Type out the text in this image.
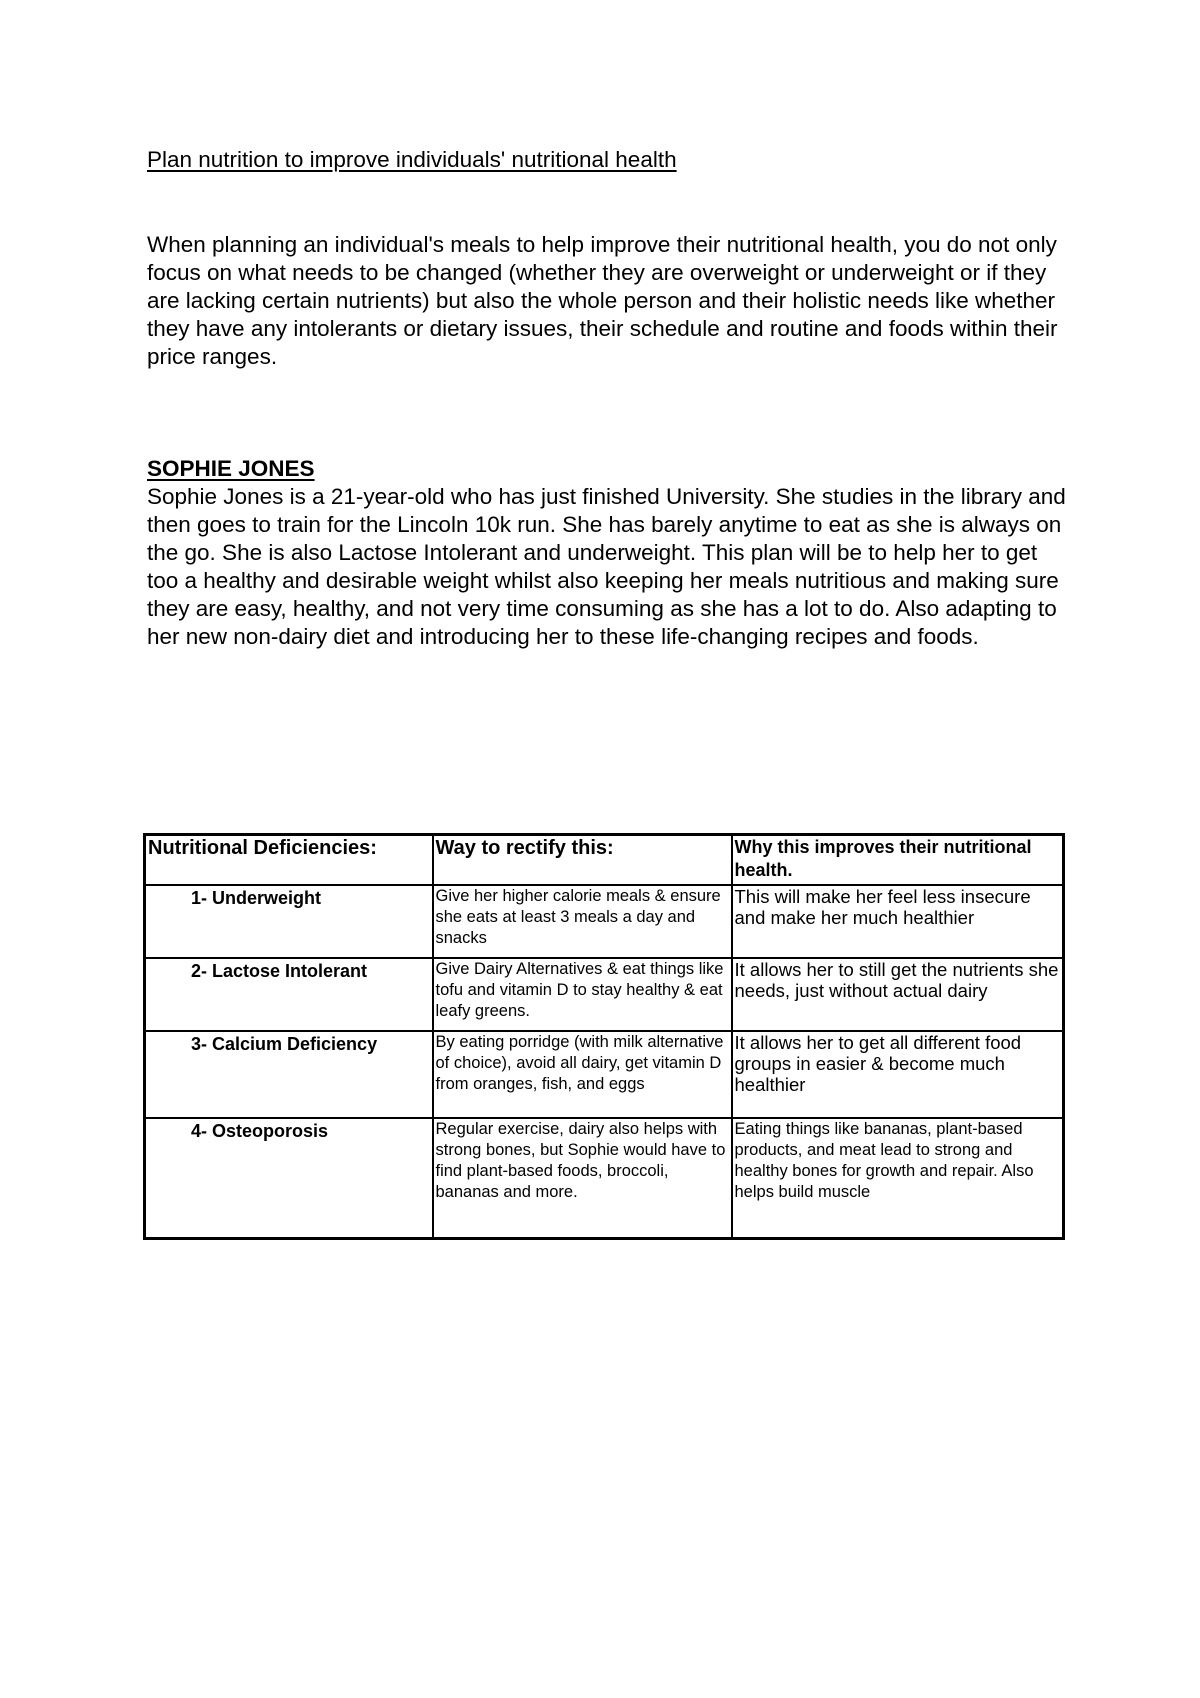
Plan nutrition to improve individuals' nutritional health

When planning an individual's meals to help improve their nutritional health, you do not only focus on what needs to be changed (whether they are overweight or underweight or if they are lacking certain nutrients) but also the whole person and their holistic needs like whether they have any intolerants or dietary issues, their schedule and routine and foods within their price ranges.

SOPHIE JONES

Sophie Jones is a 21-year-old who has just finished University. She studies in the library and then goes to train for the Lincoln 10k run. She has barely anytime to eat as she is always on the go. She is also Lactose Intolerant and underweight. This plan will be to help her to get too a healthy and desirable weight whilst also keeping her meals nutritious and making sure they are easy, healthy, and not very time consuming as she has a lot to do. Also adapting to her new non-dairy diet and introducing her to these life-changing recipes and foods.

Nutritional Deficiencies:	Way to rectify this:	Why this improves their nutritional health.
1- Underweight	Give her higher calorie meals & ensure she eats at least 3 meals a day and snacks	This will make her feel less insecure and make her much healthier
2- Lactose Intolerant	Give Dairy Alternatives & eat things like tofu and vitamin D to stay healthy & eat leafy greens.	It allows her to still get the nutrients she needs, just without actual dairy
3- Calcium Deficiency	By eating porridge (with milk alternative of choice), avoid all dairy, get vitamin D from oranges, fish, and eggs	It allows her to get all different food groups in easier & become much healthier
4- Osteoporosis	Regular exercise, dairy also helps with strong bones, but Sophie would have to find plant-based foods, broccoli, bananas and more.	Eating things like bananas, plant-based products, and meat lead to strong and healthy bones for growth and repair. Also helps build muscle
